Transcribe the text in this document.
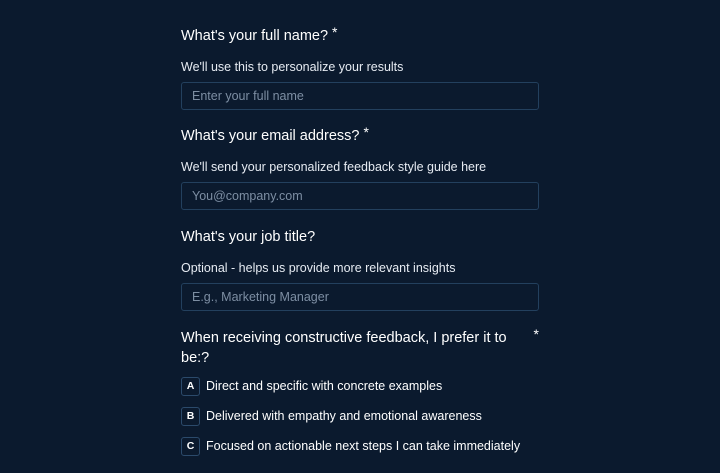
What's your full name? *

We'll use this to personalize your results
Enter your full name

What's your email address? *

We'll send your personalized feedback style guide here
You@company.com

What's your job title?

Optional - helps us provide more relevant insights
E.g., Marketing Manager

When receiving constructive feedback, I prefer it to be:?
*

A Direct and specific with concrete examples
B Delivered with empathy and emotional awareness
C Focused on actionable next steps I can take immediately
